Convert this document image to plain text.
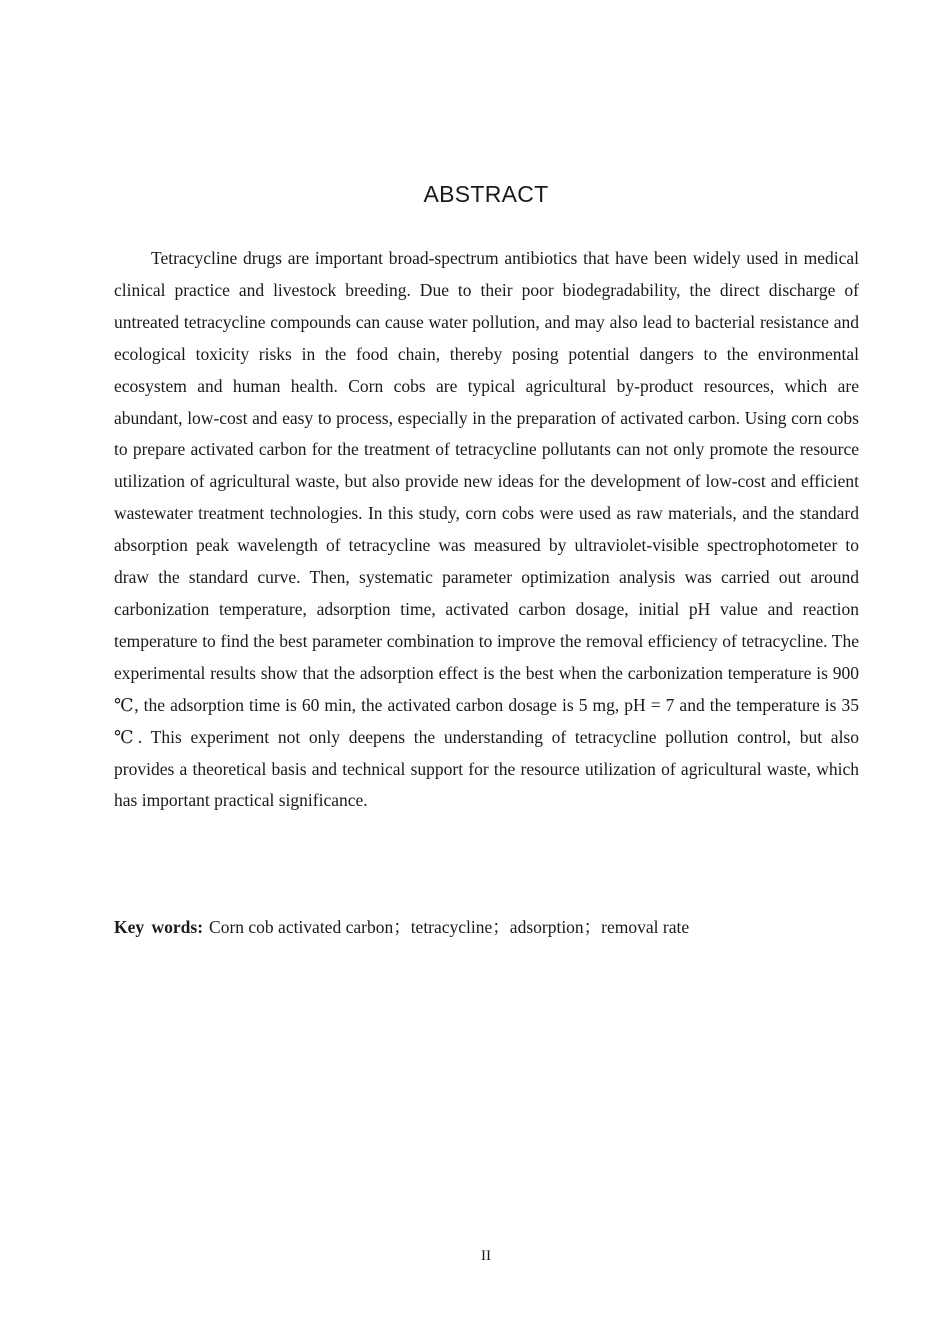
ABSTRACT

Tetracycline drugs are important broad-spectrum antibiotics that have been widely used in medical clinical practice and livestock breeding. Due to their poor biodegradability, the direct discharge of untreated tetracycline compounds can cause water pollution, and may also lead to bacterial resistance and ecological toxicity risks in the food chain, thereby posing potential dangers to the environmental ecosystem and human health. Corn cobs are typical agricultural by-product resources, which are abundant, low-cost and easy to process, especially in the preparation of activated carbon. Using corn cobs to prepare activated carbon for the treatment of tetracycline pollutants can not only promote the resource utilization of agricultural waste, but also provide new ideas for the development of low-cost and efficient wastewater treatment technologies. In this study, corn cobs were used as raw materials, and the standard absorption peak wavelength of tetracycline was measured by ultraviolet-visible spectrophotometer to draw the standard curve. Then, systematic parameter optimization analysis was carried out around carbonization temperature, adsorption time, activated carbon dosage, initial pH value and reaction temperature to find the best parameter combination to improve the removal efficiency of tetracycline. The experimental results show that the adsorption effect is the best when the carbonization temperature is 900 ℃, the adsorption time is 60 min, the activated carbon dosage is 5 mg, pH = 7 and the temperature is 35 ℃. This experiment not only deepens the understanding of tetracycline pollution control, but also provides a theoretical basis and technical support for the resource utilization of agricultural waste, which has important practical significance.

Key words: Corn cob activated carbon；tetracycline；adsorption；removal rate

II
